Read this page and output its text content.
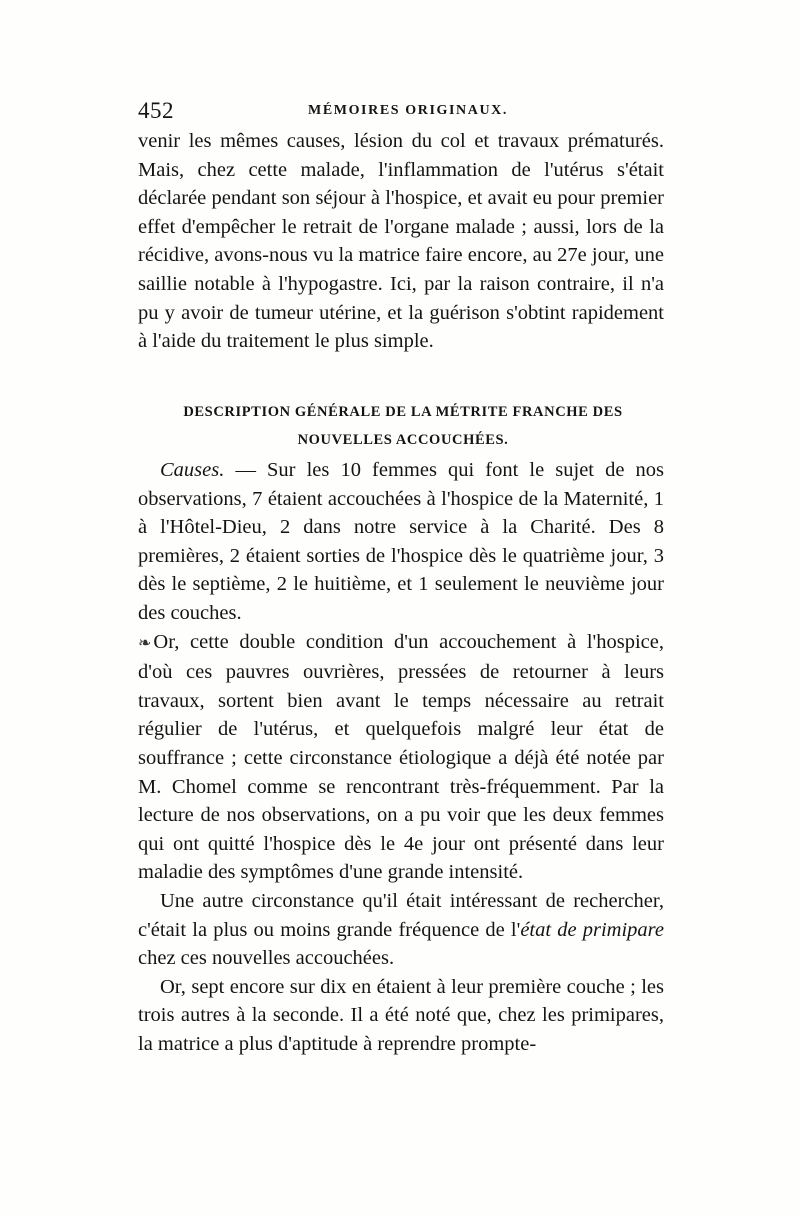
452	MÉMOIRES ORIGINAUX.

venir les mêmes causes, lésion du col et travaux prématurés. Mais, chez cette malade, l'inflammation de l'utérus s'était déclarée pendant son séjour à l'hospice, et avait eu pour premier effet d'empêcher le retrait de l'organe malade ; aussi, lors de la récidive, avons-nous vu la matrice faire encore, au 27e jour, une saillie notable à l'hypogastre. Ici, par la raison contraire, il n'a pu y avoir de tumeur utérine, et la guérison s'obtint rapidement à l'aide du traitement le plus simple.

DESCRIPTION GÉNÉRALE DE LA MÉTRITE FRANCHE DES NOUVELLES ACCOUCHÉES.

Causes. — Sur les 10 femmes qui font le sujet de nos observations, 7 étaient accouchées à l'hospice de la Maternité, 1 à l'Hôtel-Dieu, 2 dans notre service à la Charité. Des 8 premières, 2 étaient sorties de l'hospice dès le quatrième jour, 3 dès le septième, 2 le huitième, et 1 seulement le neuvième jour des couches.

❧Or, cette double condition d'un accouchement à l'hospice, d'où ces pauvres ouvrières, pressées de retourner à leurs travaux, sortent bien avant le temps nécessaire au retrait régulier de l'utérus, et quelquefois malgré leur état de souffrance ; cette circonstance étiologique a déjà été notée par M. Chomel comme se rencontrant très-fréquemment. Par la lecture de nos observations, on a pu voir que les deux femmes qui ont quitté l'hospice dès le 4e jour ont présenté dans leur maladie des symptômes d'une grande intensité.

Une autre circonstance qu'il était intéressant de rechercher, c'était la plus ou moins grande fréquence de l'état de primipare chez ces nouvelles accouchées.

Or, sept encore sur dix en étaient à leur première couche ; les trois autres à la seconde. Il a été noté que, chez les primipares, la matrice a plus d'aptitude à reprendre prompte-
